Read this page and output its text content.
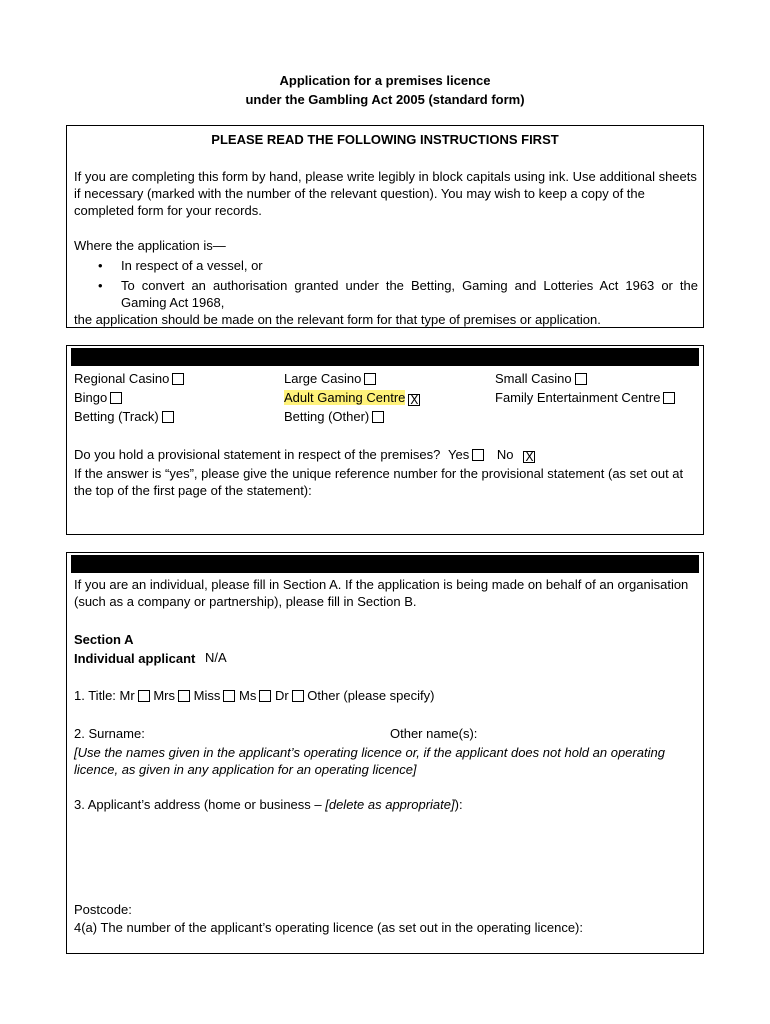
Application for a premises licence
under the Gambling Act 2005 (standard form)
PLEASE READ THE FOLLOWING INSTRUCTIONS FIRST
If you are completing this form by hand, please write legibly in block capitals using ink. Use additional sheets if necessary (marked with the number of the relevant question). You may wish to keep a copy of the completed form for your records.
Where the application is—
• In respect of a vessel, or
• To convert an authorisation granted under the Betting, Gaming and Lotteries Act 1963 or the Gaming Act 1968,
the application should be made on the relevant form for that type of premises or application.
Regional Casino	Large Casino	Small Casino
Bingo	Adult Gaming Centre X	Family Entertainment Centre
Betting (Track)	Betting (Other)
Do you hold a provisional statement in respect of the premises? Yes No X
If the answer is “yes”, please give the unique reference number for the provisional statement (as set out at the top of the first page of the statement):
If you are an individual, please fill in Section A. If the application is being made on behalf of an organisation (such as a company or partnership), please fill in Section B.
Section A
Individual applicant N/A
1. Title: Mr Mrs Miss Ms Dr Other (please specify)
2. Surname:	Other name(s):
[Use the names given in the applicant’s operating licence or, if the applicant does not hold an operating licence, as given in any application for an operating licence]
3. Applicant’s address (home or business – [delete as appropriate]):
Postcode:
4(a) The number of the applicant’s operating licence (as set out in the operating licence):
